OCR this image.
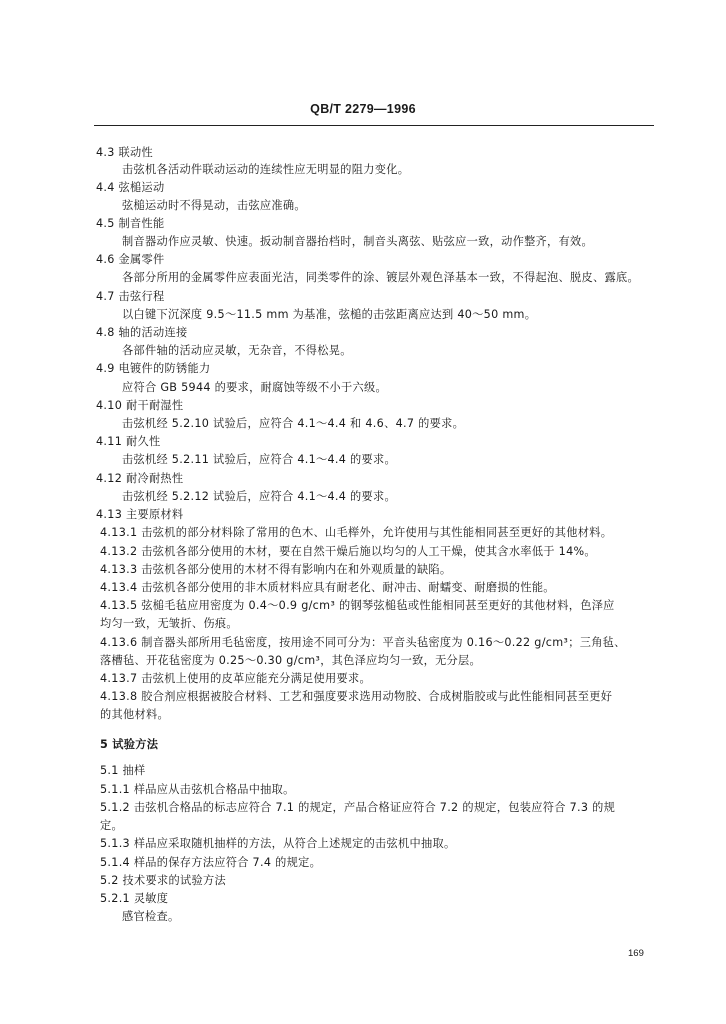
QB/T 2279—1996
4.3 联动性
击弦机各活动件联动运动的连续性应无明显的阻力变化。
4.4 弦槌运动
弦槌运动时不得晃动，击弦应准确。
4.5 制音性能
制音器动作应灵敏、快速。扳动制音器抬档时，制音头离弦、贴弦应一致，动作整齐，有效。
4.6 金属零件
各部分所用的金属零件应表面光洁，同类零件的涂、镀层外观色泽基本一致，不得起泡、脱皮、露底。
4.7 击弦行程
以白键下沉深度 9.5～11.5 mm 为基准，弦槌的击弦距离应达到 40～50 mm。
4.8 轴的活动连接
各部件轴的活动应灵敏，无杂音，不得松晃。
4.9 电镀件的防锈能力
应符合 GB 5944 的要求，耐腐蚀等级不小于六级。
4.10 耐干耐湿性
击弦机经 5.2.10 试验后，应符合 4.1～4.4 和 4.6、4.7 的要求。
4.11 耐久性
击弦机经 5.2.11 试验后，应符合 4.1～4.4 的要求。
4.12 耐冷耐热性
击弦机经 5.2.12 试验后，应符合 4.1～4.4 的要求。
4.13 主要原材料
4.13.1 击弦机的部分材料除了常用的色木、山毛榉外，允许使用与其性能相同甚至更好的其他材料。
4.13.2 击弦机各部分使用的木材，要在自然干燥后施以均匀的人工干燥，使其含水率低于 14%。
4.13.3 击弦机各部分使用的木材不得有影响内在和外观质量的缺陷。
4.13.4 击弦机各部分使用的非木质材料应具有耐老化、耐冲击、耐蠕变、耐磨损的性能。
4.13.5 弦槌毛毡应用密度为 0.4～0.9 g/cm³ 的钢琴弦槌毡或性能相同甚至更好的其他材料，色泽应
均匀一致，无皱折、伤痕。
4.13.6 制音器头部所用毛毡密度，按用途不同可分为：平音头毡密度为 0.16～0.22 g/cm³；三角毡、
落槽毡、开花毡密度为 0.25～0.30 g/cm³，其色泽应均匀一致，无分层。
4.13.7 击弦机上使用的皮革应能充分满足使用要求。
4.13.8 胶合剂应根据被胶合材料、工艺和强度要求选用动物胶、合成树脂胶或与此性能相同甚至更好
的其他材料。
5 试验方法
5.1 抽样
5.1.1 样品应从击弦机合格品中抽取。
5.1.2 击弦机合格品的标志应符合 7.1 的规定，产品合格证应符合 7.2 的规定，包装应符合 7.3 的规
定。
5.1.3 样品应采取随机抽样的方法，从符合上述规定的击弦机中抽取。
5.1.4 样品的保存方法应符合 7.4 的规定。
5.2 技术要求的试验方法
5.2.1 灵敏度
感官检查。
169
